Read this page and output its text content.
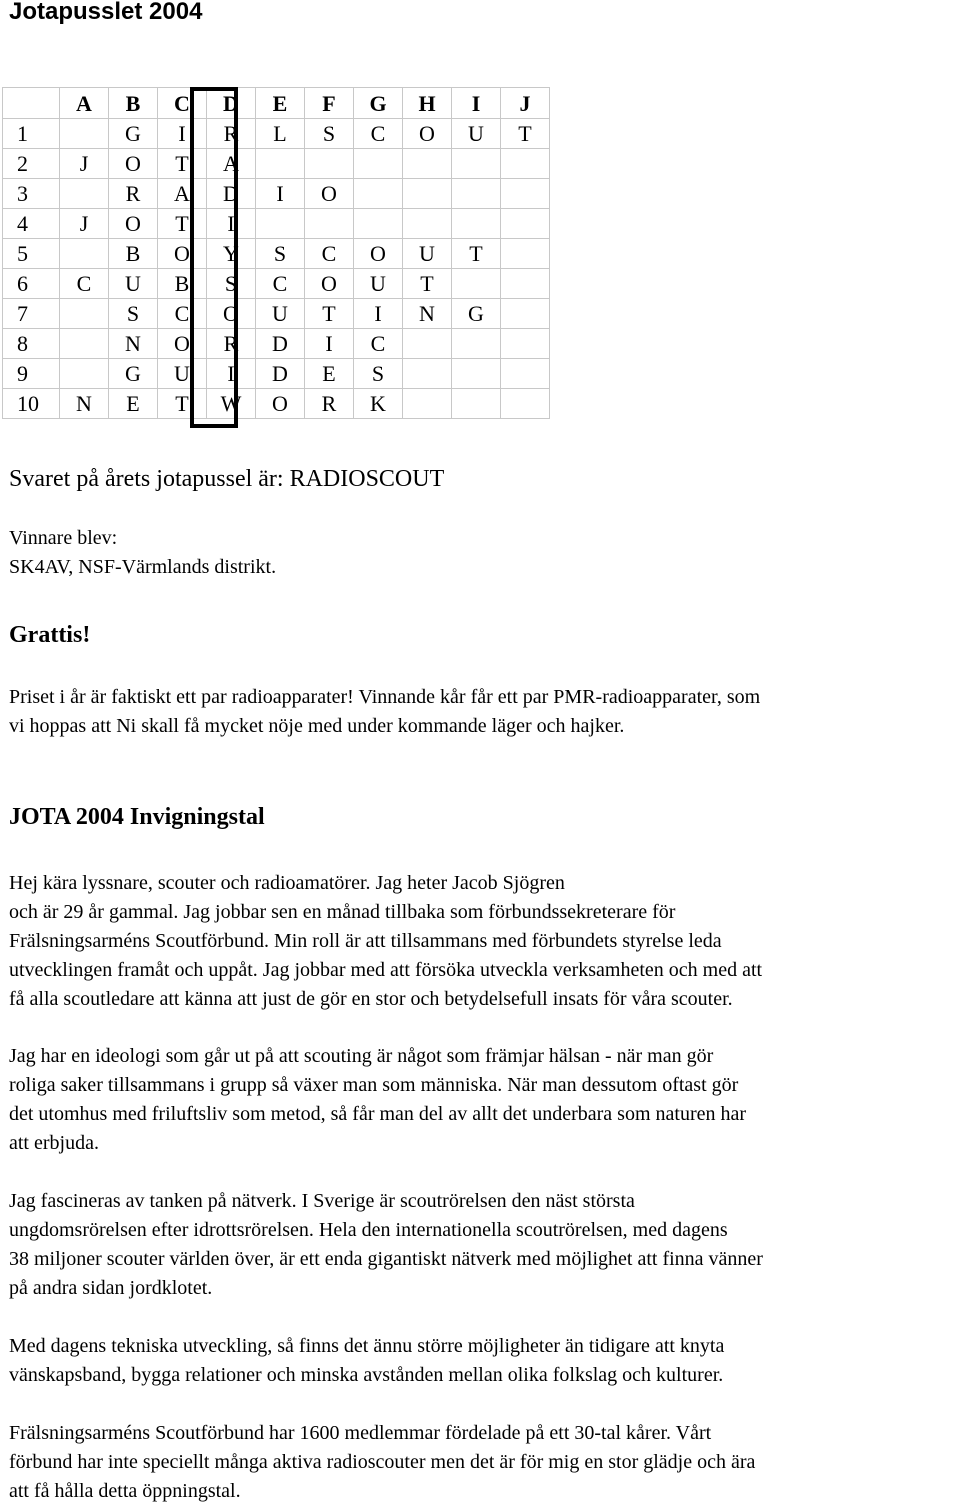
Jotapusslet 2004
	A	B	C	D	E	F	G	H	I	J
1		G	I	R	L	S	C	O	U	T
2	J	O	T	A						
3		R	A	D	I	O				
4	J	O	T	I						
5		B	O	Y	S	C	O	U	T	
6	C	U	B	S	C	O	U	T		
7		S	C	O	U	T	I	N	G	
8		N	O	R	D	I	C			
9		G	U	I	D	E	S			
10	N	E	T	W	O	R	K			

Svaret på årets jotapussel är: RADIOSCOUT

Vinnare blev:

SK4AV, NSF-Värmlands distrikt.

Grattis!

Priset i år är faktiskt ett par radioapparater! Vinnande kår får ett par PMR-radioapparater, som
vi hoppas att Ni skall få mycket nöje med under kommande läger och hajker.

JOTA 2004 Invigningstal

Hej kära lyssnare, scouter och radioamatörer. Jag heter Jacob Sjögren
och är 29 år gammal. Jag jobbar sen en månad tillbaka som förbundssekreterare för
Frälsningsarméns Scoutförbund. Min roll är att tillsammans med förbundets styrelse leda
utvecklingen framåt och uppåt. Jag jobbar med att försöka utveckla verksamheten och med att
få alla scoutledare att känna att just de gör en stor och betydelsefull insats för våra scouter.
Jag har en ideologi som går ut på att scouting är något som främjar hälsan - när man gör
roliga saker tillsammans i grupp så växer man som människa. När man dessutom oftast gör
det utomhus med friluftsliv som metod, så får man del av allt det underbara som naturen har
att erbjuda.
Jag fascineras av tanken på nätverk. I Sverige är scoutrörelsen den näst största
ungdomsrörelsen efter idrottsrörelsen. Hela den internationella scoutrörelsen, med dagens
38 miljoner scouter världen över, är ett enda gigantiskt nätverk med möjlighet att finna vänner
på andra sidan jordklotet.
Med dagens tekniska utveckling, så finns det ännu större möjligheter än tidigare att knyta
vänskapsband, bygga relationer och minska avstånden mellan olika folkslag och kulturer.
Frälsningsarméns Scoutförbund har 1600 medlemmar fördelade på ett 30-tal kårer. Vårt
förbund har inte speciellt många aktiva radioscouter men det är för mig en stor glädje och ära
att få hålla detta öppningstal.
